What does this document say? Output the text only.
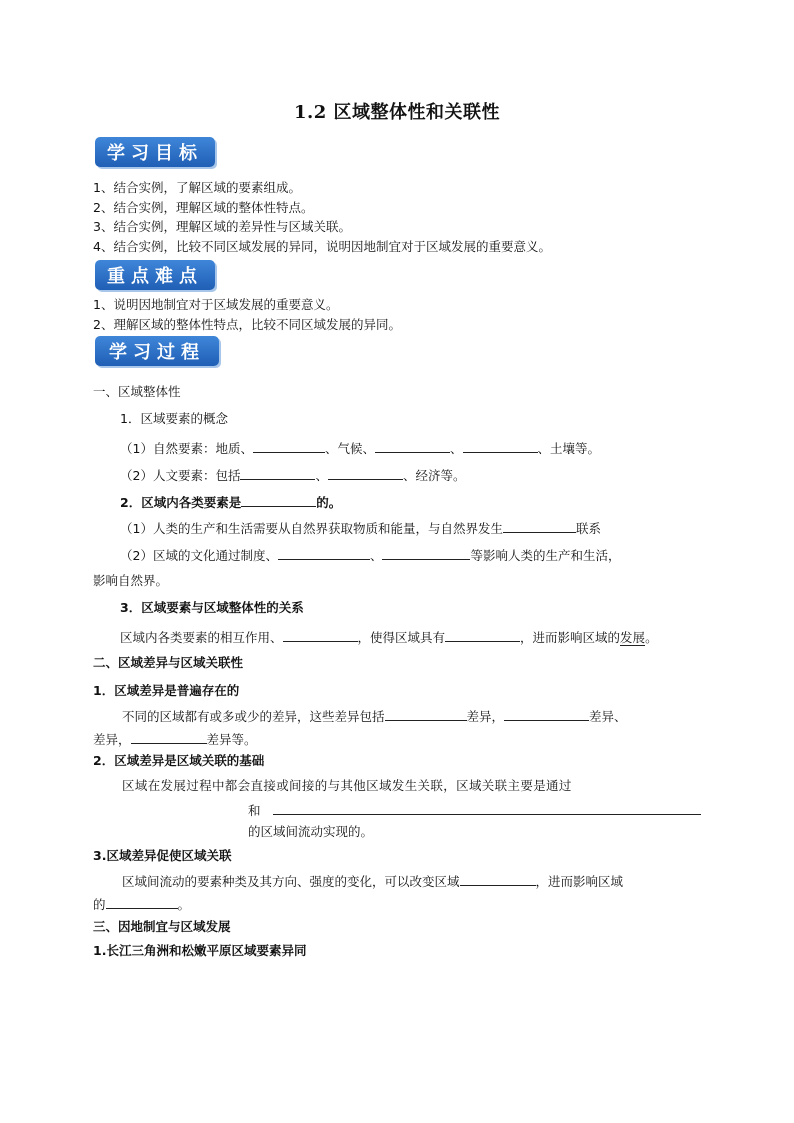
1.2 区域整体性和关联性
学习目标
1、结合实例，了解区域的要素组成。
2、结合实例，理解区域的整体性特点。
3、结合实例，理解区域的差异性与区域关联。
4、结合实例，比较不同区域发展的异同，说明因地制宜对于区域发展的重要意义。
重点难点
1、说明因地制宜对于区域发展的重要意义。
2、理解区域的整体性特点，比较不同区域发展的异同。
学习过程
一、区域整体性
1．区域要素的概念
（1）自然要素：地质、	、气候、	、	、土壤等。
（2）人文要素：包括	、	、经济等。
2．区域内各类要素是	的。
（1）人类的生产和生活需要从自然界获取物质和能量，与自然界发生	联系
（2）区域的文化通过制度、	、	等影响人类的生产和生活，
影响自然界。
3．区域要素与区域整体性的关系
区域内各类要素的相互作用、	，使得区域具有	，进而影响区域的发展。
二、区域差异与区域关联性
1．区域差异是普遍存在的
不同的区域都有或多或少的差异，这些差异包括	差异，	差异、
差异，	差异等。
2．区域差异是区域关联的基础
区域在发展过程中都会直接或间接的与其他区域发生关联，区域关联主要是通过
和
的区域间流动实现的。
3.区域差异促使区域关联
区域间流动的要素种类及其方向、强度的变化，可以改变区域	，进而影响区域
的	。
三、因地制宜与区域发展
1.长江三角洲和松嫩平原区域要素异同
